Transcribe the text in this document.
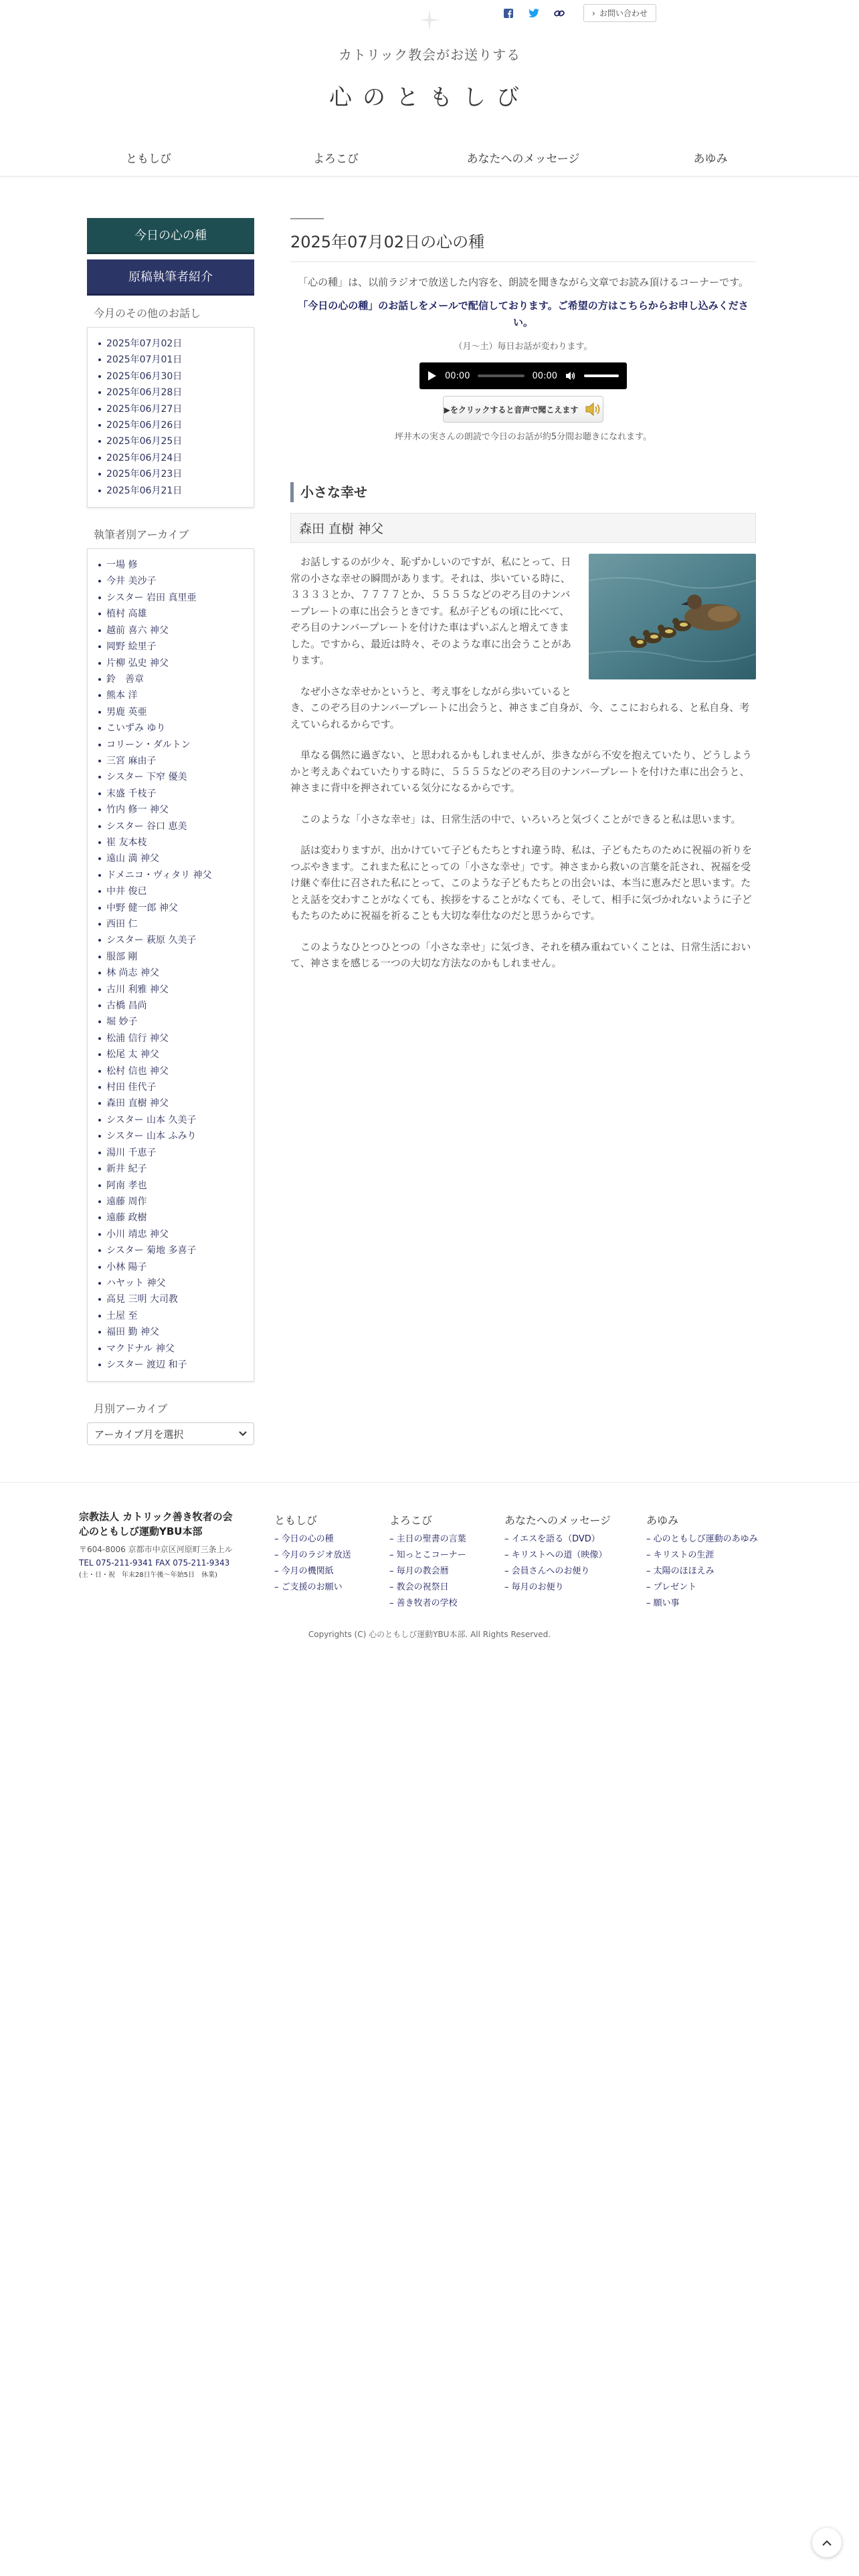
› お問い合わせ
カトリック教会がお送りする
心のともしび
ともしび	よろこび	あなたへのメッセージ	あゆみ
今日の心の種
原稿執筆者紹介
今月のその他のお話し
2025年07月02日
2025年07月01日
2025年06月30日
2025年06月28日
2025年06月27日
2025年06月26日
2025年06月25日
2025年06月24日
2025年06月23日
2025年06月21日
執筆者別アーカイブ
一場 修
今井 美沙子
シスター 岩田 真里亜
植村 高雄
越前 喜六 神父
岡野 絵里子
片柳 弘史 神父
鈴　善章
熊本 洋
男鹿 英亜
こいずみ ゆり
コリーン・ダルトン
三宮 麻由子
シスター 下窄 優美
末盛 千枝子
竹内 修一 神父
シスター 谷口 恵美
崔 友本枝
遠山 満 神父
ドメニコ・ヴィタリ 神父
中井 俊已
中野 健一郎 神父
西田 仁
シスター 萩原 久美子
服部 剛
林 尚志 神父
古川 利雅 神父
古橋 昌尚
堀 妙子
松浦 信行 神父
松尾 太 神父
松村 信也 神父
村田 佳代子
森田 直樹 神父
シスター 山本 久美子
シスター 山本 ふみり
湯川 千恵子
新井 紀子
阿南 孝也
遠藤 周作
遠藤 政樹
小川 靖忠 神父
シスター 菊地 多喜子
小林 陽子
ハヤット 神父
高見 三明 大司教
土屋 至
福田 勤 神父
マクドナル 神父
シスター 渡辺 和子
月別アーカイブ
アーカイブ月を選択
2025年07月02日の心の種

「心の種」は、以前ラジオで放送した内容を、朗読を聞きながら文章でお読み頂けるコーナーです。

「今日の心の種」のお話しをメールで配信しております。ご希望の方はこちらからお申し込みください。

（月〜土）毎日お話が変わります。

00:00	00:00
▶をクリックすると音声で聞こえます

坪井木の実さんの朗読で今日のお話が約5分間お聴きになれます。

小さな幸せ
森田 直樹 神父

お話しするのが少々、恥ずかしいのですが、私にとって、日常の小さな幸せの瞬間があります。それは、歩いている時に、３３３３とか、７７７７とか、５５５５などのぞろ目のナンバープレートの車に出会うときです。私が子どもの頃に比べて、ぞろ目のナンバープレートを付けた車はずいぶんと増えてきました。ですから、最近は時々、そのような車に出会うことがあります。

なぜ小さな幸せかというと、考え事をしながら歩いているとき、このぞろ目のナンバープレートに出会うと、神さまご自身が、今、ここにおられる、と私自身、考えていられるからです。

単なる偶然に過ぎない、と思われるかもしれませんが、歩きながら不安を抱えていたり、どうしようかと考えあぐねていたりする時に、５５５５などのぞろ目のナンバープレートを付けた車に出会うと、神さまに背中を押されている気分になるからです。

このような「小さな幸せ」は、日常生活の中で、いろいろと気づくことができると私は思います。

話は変わりますが、出かけていて子どもたちとすれ違う時、私は、子どもたちのために祝福の祈りをつぶやきます。これまた私にとっての「小さな幸せ」です。神さまから救いの言葉を託され、祝福を受け継ぐ奉仕に召された私にとって、このような子どもたちとの出会いは、本当に恵みだと思います。たとえ話を交わすことがなくても、挨拶をすることがなくても、そして、相手に気づかれないように子どもたちのために祝福を祈ることも大切な奉仕なのだと思うからです。

このようなひとつひとつの「小さな幸せ」に気づき、それを積み重ねていくことは、日常生活において、神さまを感じる一つの大切な方法なのかもしれません。

宗教法人 カトリック善き牧者の会
心のともしび運動YBU本部
〒604-8006 京都市中京区河原町三条上ル
TEL 075-211-9341 FAX 075-211-9343
(土・日・祝　年末28日午後〜年始5日　休業)
ともしび
– 今日の心の種
– 今月のラジオ放送
– 今月の機関紙
– ご支援のお願い
よろこび
– 主日の聖書の言葉
– 知っとこコーナー
– 毎月の教会暦
– 教会の祝祭日
– 善き牧者の学校
あなたへのメッセージ
– イエスを語る（DVD）
– キリストへの道（映像）
– 会員さんへのお便り
– 毎月のお便り
あゆみ
– 心のともしび運動のあゆみ
– キリストの生涯
– 太陽のほほえみ
– プレゼント
– 願い事
Copyrights (C) 心のともしび運動YBU本部. All Rights Reserved.
